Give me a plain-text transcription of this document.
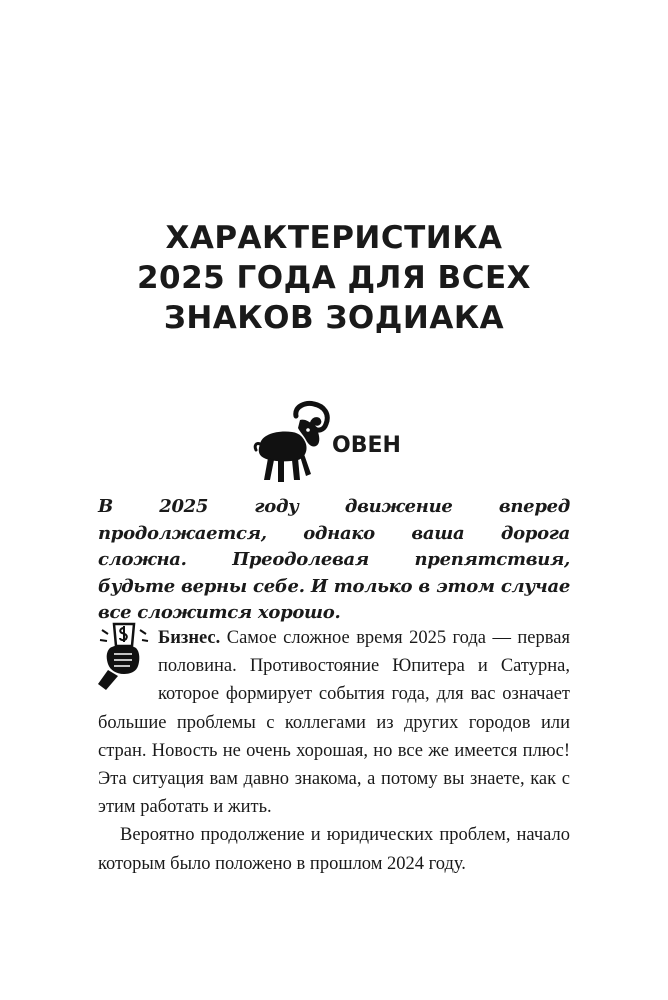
ХАРАКТЕРИСТИКА
2025 ГОДА ДЛЯ ВСЕХ
ЗНАКОВ ЗОДИАКА
ОВЕН
В 2025 году движение вперед продолжается, однако ваша дорога сложна. Преодолевая препятствия, будьте верны себе. И только в этом случае все сложится хорошо.

Бизнес. Самое сложное время 2025 года — первая половина. Противостояние Юпитера и Сатурна, которое формирует события года, для вас означает большие проблемы с коллегами из других городов или стран. Новость не очень хорошая, но все же имеется плюс! Эта ситуация вам давно знакома, а потому вы знаете, как с этим работать и жить.

Вероятно продолжение и юридических проблем, начало которым было положено в прошлом 2024 году.
